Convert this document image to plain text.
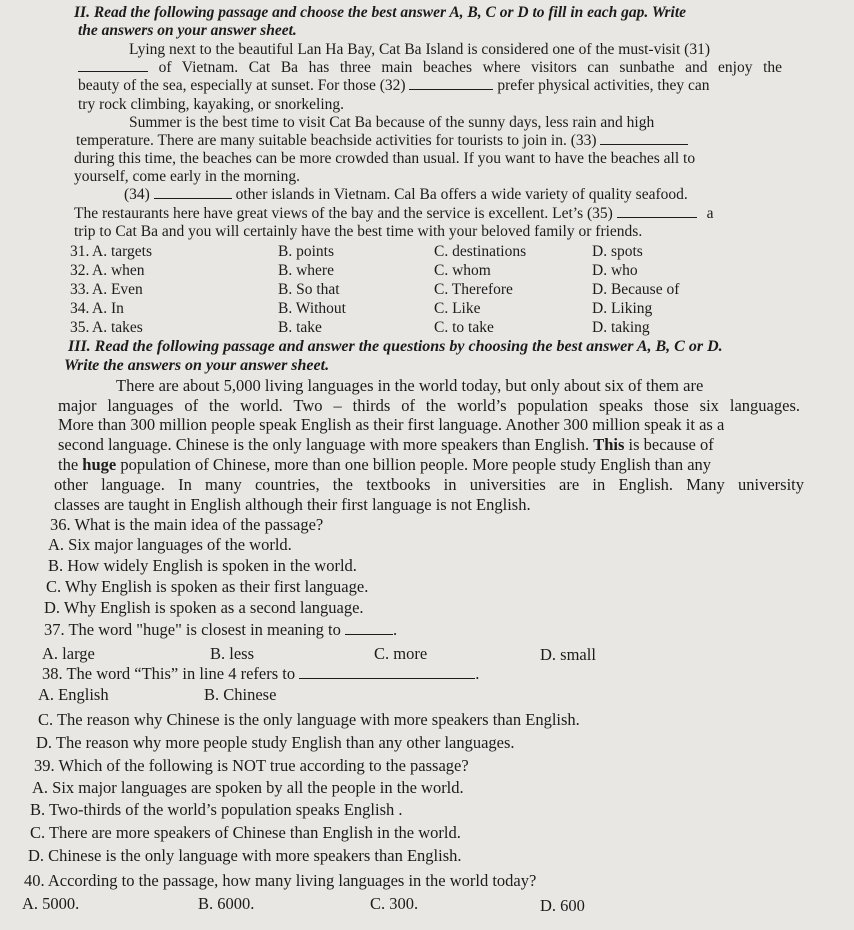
II. Read the following passage and choose the best answer A, B, C or D to fill in each gap. Write
the answers on your answer sheet.
Lying next to the beautiful Lan Ha Bay, Cat Ba Island is considered one of the must-visit (31)
of Vietnam. Cat Ba has three main beaches where visitors can sunbathe and enjoy the
beauty of the sea, especially at sunset. For those (32)	prefer physical activities, they can
try rock climbing, kayaking, or snorkeling.
Summer is the best time to visit Cat Ba because of the sunny days, less rain and high
temperature. There are many suitable beachside activities for tourists to join in. (33)
during this time, the beaches can be more crowded than usual. If you want to have the beaches all to
yourself, come early in the morning.
(34)	other islands in Vietnam. Cal Ba offers a wide variety of quality seafood.
The restaurants here have great views of the bay and the service is excellent. Let’s (35)	a
trip to Cat Ba and you will certainly have the best time with your beloved family or friends.
31. A. targets	B. points	C. destinations	D. spots
32. A. when	B. where	C. whom	D. who
33. A. Even	B. So that	C. Therefore	D. Because of
34. A. In	B. Without	C. Like	D. Liking
35. A. takes	B. take	C. to take	D. taking
III. Read the following passage and answer the questions by choosing the best answer A, B, C or D.
Write the answers on your answer sheet.
There are about 5,000 living languages in the world today, but only about six of them are
major languages of the world. Two – thirds of the world’s population speaks those six languages.
More than 300 million people speak English as their first language. Another 300 million speak it as a
second language. Chinese is the only language with more speakers than English. This is because of
the huge population of Chinese, more than one billion people. More people study English than any
other language. In many countries, the textbooks in universities are in English. Many university
classes are taught in English although their first language is not English.
36. What is the main idea of the passage?
A. Six major languages of the world.
B. How widely English is spoken in the world.
C. Why English is spoken as their first language.
D. Why English is spoken as a second language.
37. The word "huge" is closest in meaning to	.
A. large	B. less	C. more	D. small
38. The word “This” in line 4 refers to	.
A. English	B. Chinese
C. The reason why Chinese is the only language with more speakers than English.
D. The reason why more people study English than any other languages.
39. Which of the following is NOT true according to the passage?
A. Six major languages are spoken by all the people in the world.
B. Two-thirds of the world’s population speaks English .
C. There are more speakers of Chinese than English in the world.
D. Chinese is the only language with more speakers than English.
40. According to the passage, how many living languages in the world today?
A. 5000.	B. 6000.	C. 300.	D. 600
